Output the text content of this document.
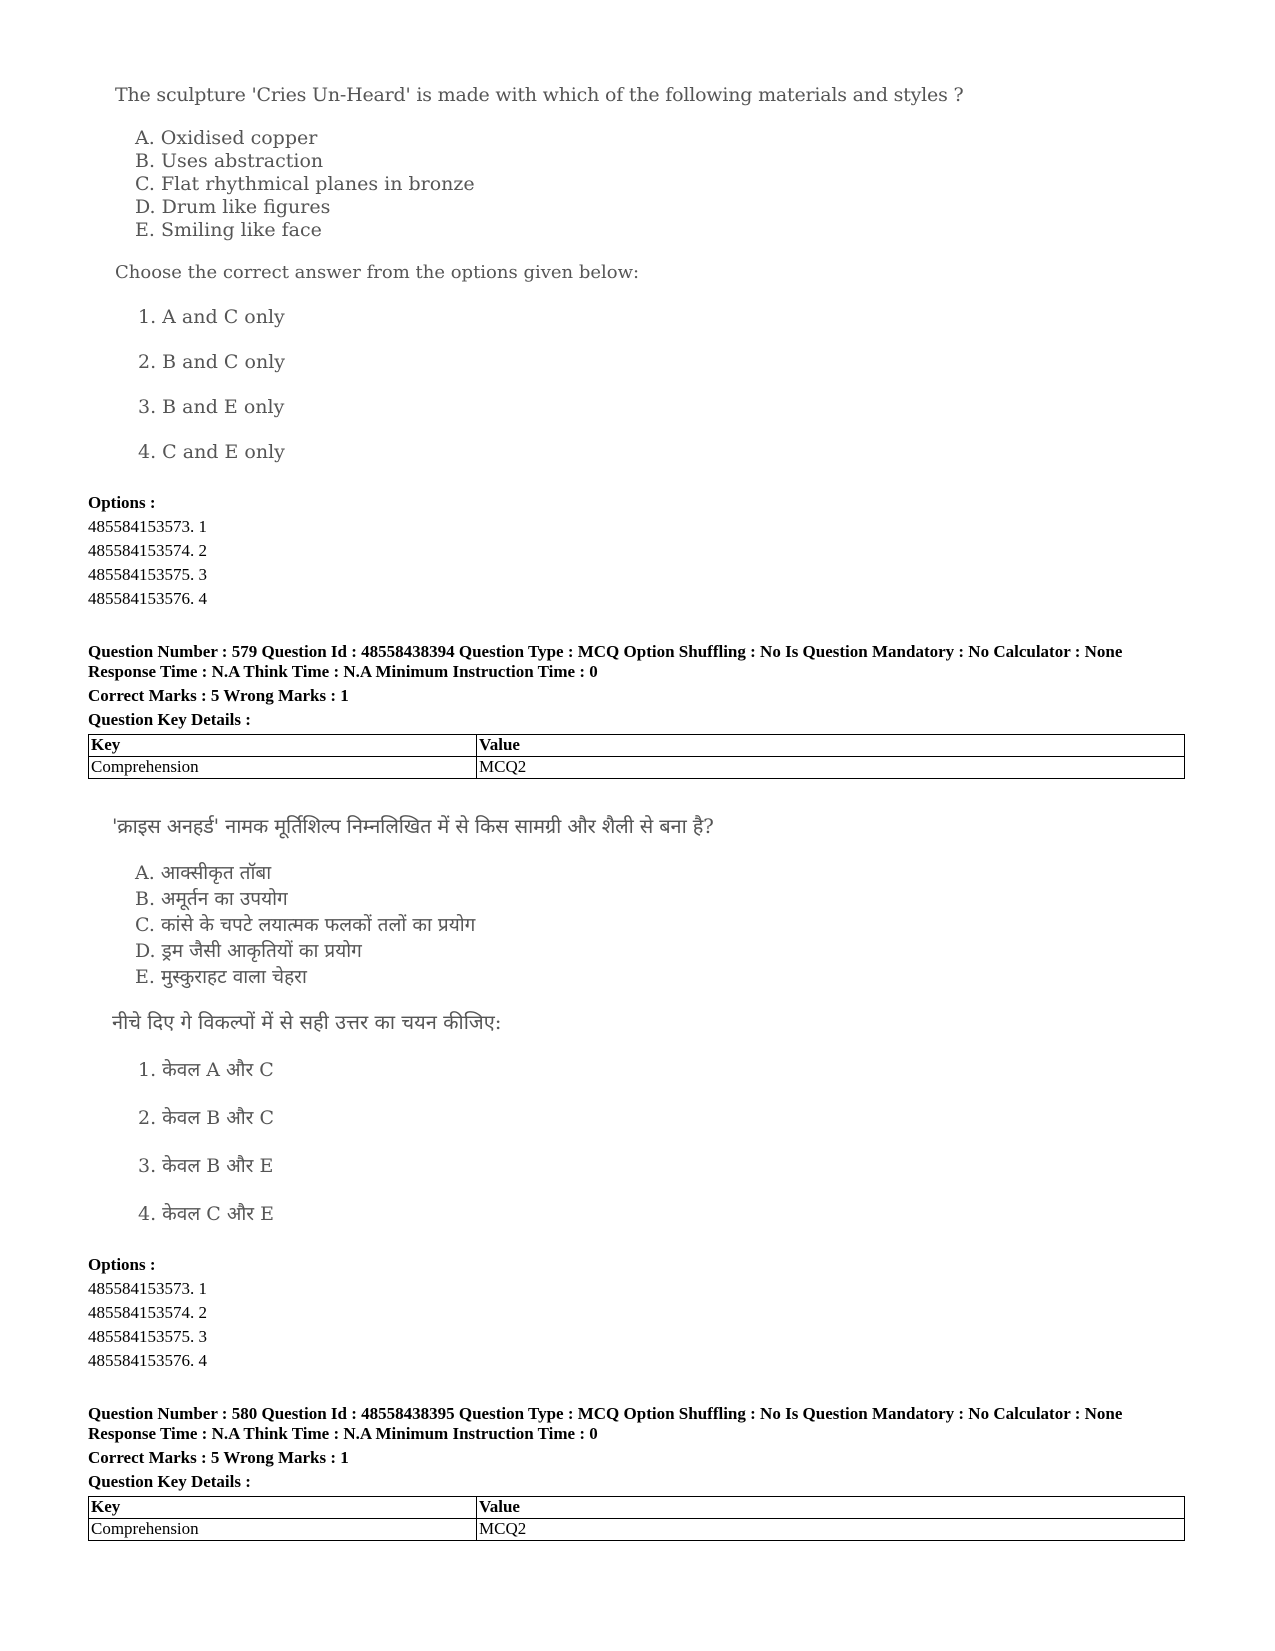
The sculpture 'Cries Un-Heard' is made with which of the following materials and styles ?
A. Oxidised copper
B. Uses abstraction
C. Flat rhythmical planes in bronze
D. Drum like figures
E. Smiling like face
Choose the correct answer from the options given below:
1. A and C only
2. B and C only
3. B and E only
4. C and E only
Options :
485584153573. 1
485584153574. 2
485584153575. 3
485584153576. 4
Question Number : 579 Question Id : 48558438394 Question Type : MCQ Option Shuffling : No Is Question Mandatory : No Calculator : None
Response Time : N.A Think Time : N.A Minimum Instruction Time : 0
Correct Marks : 5 Wrong Marks : 1
Question Key Details :
Key	Value
Comprehension	MCQ2
'क्राइस अनहर्ड' नामक मूर्तिशिल्प निम्नलिखित में से किस सामग्री और शैली से बना है?
A. आक्सीकृत तॉबा
B. अमूर्तन का उपयोग
C. कांसे के चपटे लयात्मक फलकों तलों का प्रयोग
D. ड्रम जैसी आकृतियों का प्रयोग
E. मुस्कुराहट वाला चेहरा
नीचे दिए गे विकल्पों में से सही उत्तर का चयन कीजिए:
1. केवल A और C
2. केवल B और C
3. केवल B और E
4. केवल C और E
Options :
485584153573. 1
485584153574. 2
485584153575. 3
485584153576. 4
Question Number : 580 Question Id : 48558438395 Question Type : MCQ Option Shuffling : No Is Question Mandatory : No Calculator : None
Response Time : N.A Think Time : N.A Minimum Instruction Time : 0
Correct Marks : 5 Wrong Marks : 1
Question Key Details :
Key	Value
Comprehension	MCQ2
